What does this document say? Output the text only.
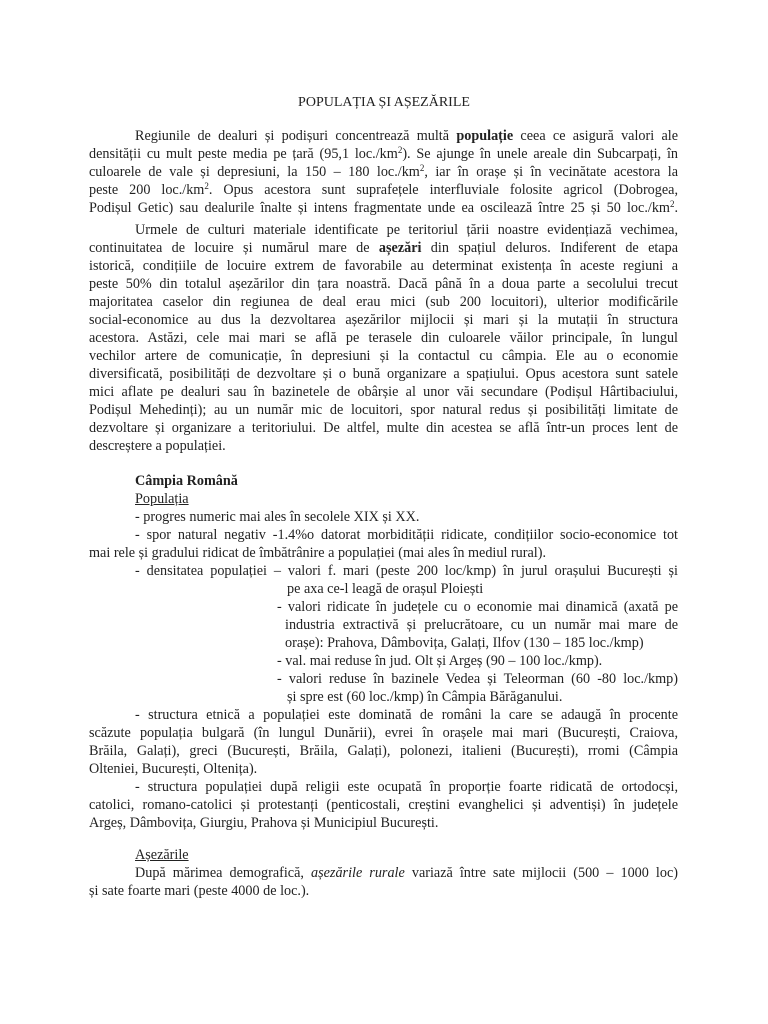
POPULAȚIA ȘI AȘEZĂRILE
Regiunile de dealuri și podișuri concentrează multă populație ceea ce asigură valori ale
densității cu mult peste media pe țară (95,1 $loc./km^2$). Se ajunge în unele areale din Subcarpați, în
culoarele de vale și depresiuni, la 150 – 180 $loc./km^2$, iar în orașe și în vecinătate acestora la
peste 200 $loc./km^2$. Opus acestora sunt suprafețele interfluviale folosite agricol (Dobrogea,
Podișul Getic) sau dealurile înalte și intens fragmentate unde ea oscilează între 25 și 50 $loc./km^2$.
Urmele de culturi materiale identificate pe teritoriul țării noastre evidențiază vechimea,
continuitatea de locuire și numărul mare de așezări din spațiul deluros. Indiferent de etapa
istorică, condițiile de locuire extrem de favorabile au determinat existența în aceste regiuni a
peste 50% din totalul așezărilor din țara noastră. Dacă până în a doua parte a secolului trecut
majoritatea caselor din regiunea de deal erau mici (sub 200 locuitori), ulterior modificările
social-economice au dus la dezvoltarea așezărilor mijlocii și mari și la mutații în structura
acestora. Astăzi, cele mai mari se află pe terasele din culoarele văilor principale, în lungul
vechilor artere de comunicație, în depresiuni și la contactul cu câmpia. Ele au o economie
diversificată, posibilități de dezvoltare și o bună organizare a spațiului. Opus acestora sunt satele
mici aflate pe dealuri sau în bazinetele de obârșie al unor văi secundare (Podișul Hârtibaciului,
Podișul Mehedinți); au un număr mic de locuitori, spor natural redus și posibilități limitate de
dezvoltare și organizare a teritoriului. De altfel, multe din acestea se află într-un proces lent de
descreștere a populației.
Câmpia Română
Populația
- progres numeric mai ales în secolele XIX și XX.
- spor natural negativ -1.4%o datorat morbidității ridicate, condițiilor socio-economice tot
mai rele și gradului ridicat de îmbătrânire a populației (mai ales în mediul rural).
- densitatea populației – valori f. mari (peste 200 loc/kmp) în jurul orașului București și
pe axa ce-l leagă de orașul Ploiești
- valori ridicate în județele cu o economie mai dinamică (axată pe
industria extractivă și prelucrătoare, cu un număr mai mare de
orașe): Prahova, Dâmbovița, Galați, Ilfov (130 – 185 loc./kmp)
- val. mai reduse în jud. Olt și Argeș (90 – 100 loc./kmp).
- valori reduse în bazinele Vedea și Teleorman (60 -80 loc./kmp)
și spre est (60 loc./kmp) în Câmpia Bărăganului.
- structura etnică a populației este dominată de români la care se adaugă în procente
scăzute populația bulgară (în lungul Dunării), evrei în orașele mai mari (București, Craiova,
Brăila, Galați), greci (București, Brăila, Galați), polonezi, italieni (București), rromi (Câmpia
Olteniei, București, Oltenița).
- structura populației după religii este ocupată în proporție foarte ridicată de ortodocși,
catolici, romano-catolici și protestanți (penticostali, creștini evanghelici și adventiși) în județele
Argeș, Dâmbovița, Giurgiu, Prahova și Municipiul București.
Așezările
După mărimea demografică, așezările rurale variază între sate mijlocii (500 – 1000 loc)
și sate foarte mari (peste 4000 de loc.).
